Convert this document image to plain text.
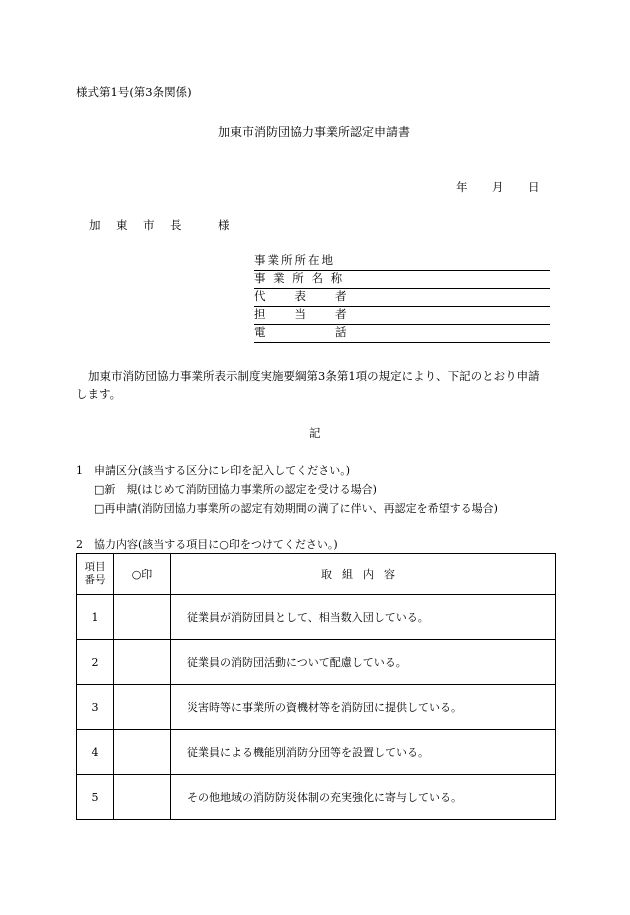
様式第1号(第3条関係)
加東市消防団協力事業所認定申請書
年 月 日
加　東　市　長	様
事業所所在地
事 業 所 名 称
代　　表　　者
担　　当　　者
電　　　　　話
加東市消防団協力事業所表示制度実施要綱第3条第1項の規定により、下記のとおり申請
します。
記
1　申請区分(該当する区分にレ印を記入してください。)
□新　規(はじめて消防団協力事業所の認定を受ける場合)
□再申請(消防団協力事業所の認定有効期間の満了に伴い、再認定を希望する場合)
2　協力内容(該当する項目に○印をつけてください。)
項目
番号	○印	取組内容
1		従業員が消防団員として、相当数入団している。
2		従業員の消防団活動について配慮している。
3		災害時等に事業所の資機材等を消防団に提供している。
4		従業員による機能別消防分団等を設置している。
5		その他地域の消防防災体制の充実強化に寄与している。
